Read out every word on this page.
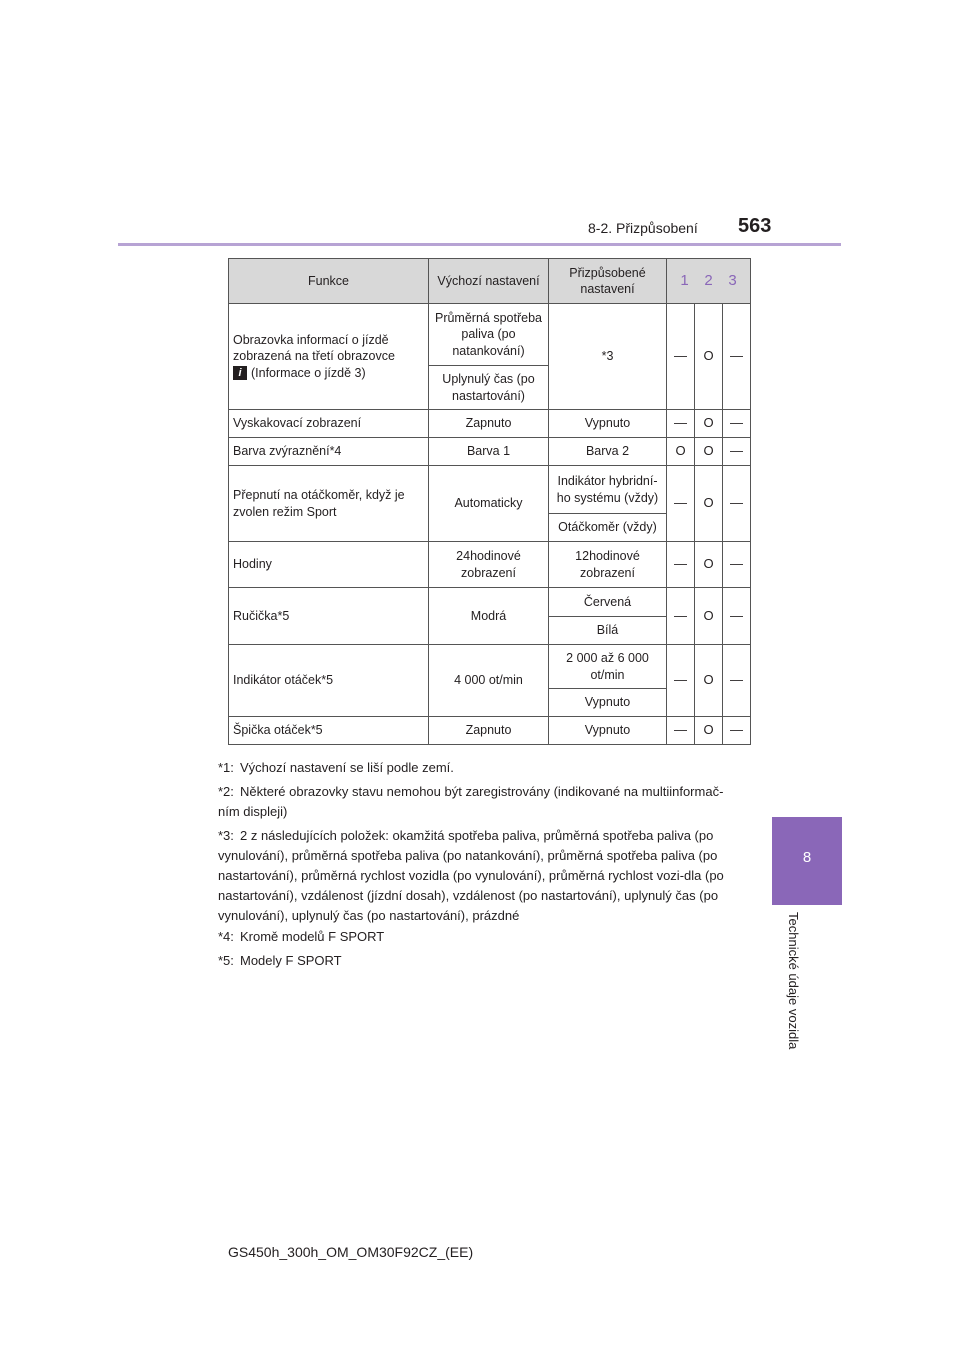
8-2. Přizpůsobení 563
8
Technické údaje vozidla
Funkce	Výchozí nastavení	Přizpůsobené nastavení	1 2 3		
Obrazovka informací o jízdě zobrazená na třetí obrazovce
i (Informace o jízdě 3)	Průměrná spotřeba paliva (po natankování)	*3	—	O	—
	Uplynulý čas (po nastartování)				
Vyskakovací zobrazení	Zapnuto	Vypnuto	—	O	—
Barva zvýraznění*4	Barva 1	Barva 2	O	O	—
Přepnutí na otáčkoměr, když je zvolen režim Sport	Automaticky	Indikátor hybridní-ho systému (vždy)	—	O	—
		Otáčkoměr (vždy)			
Hodiny	24hodinové zobrazení	12hodinové zobrazení	—	O	—
Ručička*5	Modrá	Červená	—	O	—
		Bílá			
Indikátor otáček*5	4 000 ot/min	2 000 až 6 000 ot/min	—	O	—
		Vypnuto			
Špička otáček*5	Zapnuto	Vypnuto	—	O	—
*1: Výchozí nastavení se liší podle zemí.
*2: Některé obrazovky stavu nemohou být zaregistrovány (indikované na multiinformač-ním displeji)
*3: 2 z následujících položek: okamžitá spotřeba paliva, průměrná spotřeba paliva (po vynulování), průměrná spotřeba paliva (po natankování), průměrná spotřeba paliva (po nastartování), průměrná rychlost vozidla (po vynulování), průměrná rychlost vozi-dla (po nastartování), vzdálenost (jízdní dosah), vzdálenost (po nastartování), uplynulý čas (po vynulování), uplynulý čas (po nastartování), prázdné
*4: Kromě modelů F SPORT
*5: Modely F SPORT
GS450h_300h_OM_OM30F92CZ_(EE)
